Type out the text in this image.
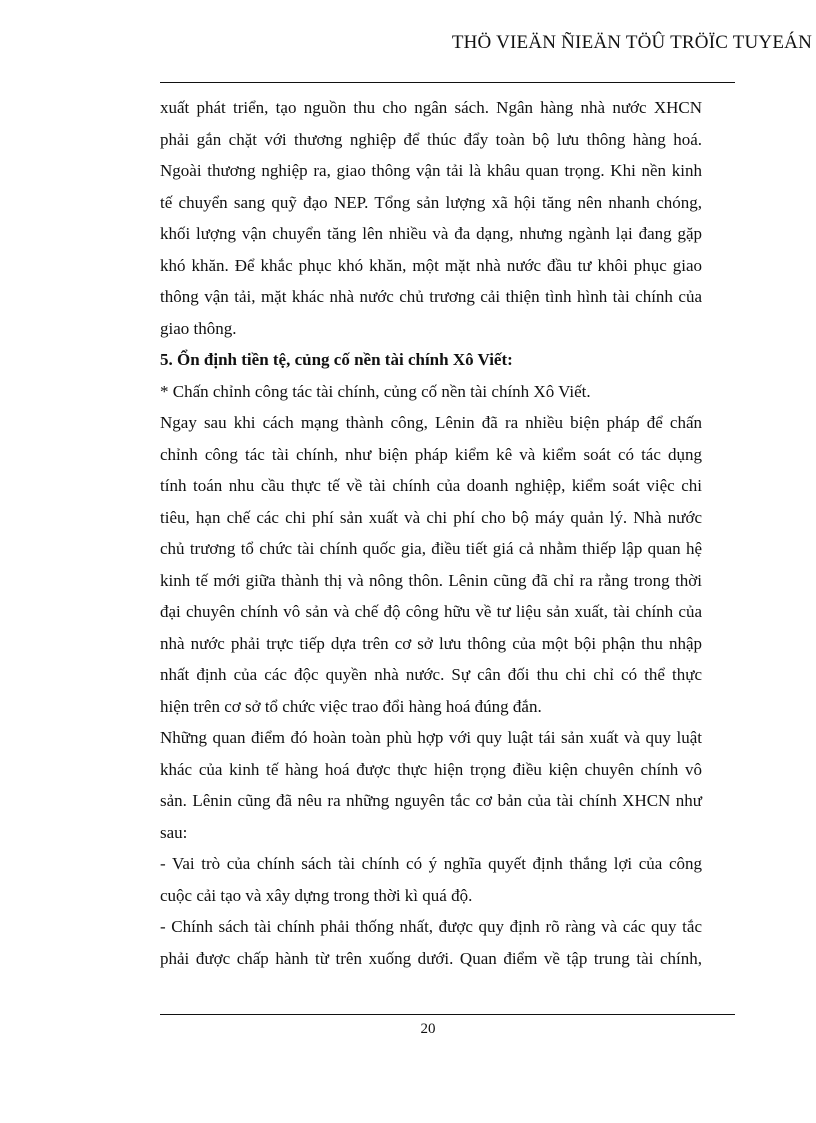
THÖ VIEÄN ÑIEÄN TÖÛ TRÖÏC TUYEÁN
xuất phát triển, tạo nguồn thu cho ngân sách. Ngân hàng nhà nước XHCN
phải gắn chặt với thương nghiệp để thúc đẩy toàn bộ lưu thông hàng hoá.
Ngoài thương nghiệp ra, giao thông vận tải là khâu quan trọng. Khi nền kinh
tế chuyển sang quỹ đạo NEP. Tổng sản lượng xã hội tăng nên nhanh chóng,
khối lượng vận chuyển tăng lên nhiều và đa dạng, nhưng ngành lại đang gặp
khó khăn. Để khắc phục khó khăn, một mặt nhà nước đầu tư khôi phục giao
thông vận tải, mặt khác nhà nước chủ trương cải thiện tình hình tài chính của
giao thông.
5. Ổn định tiền tệ, củng cố nền tài chính Xô Viết:
* Chấn chỉnh công tác tài chính, củng cố nền tài chính Xô Viết.
Ngay sau khi cách mạng thành công, Lênin đã ra nhiều biện pháp để chấn
chỉnh công tác tài chính, như biện pháp kiểm kê và kiểm soát có tác dụng
tính toán nhu cầu thực tế về tài chính của doanh nghiệp, kiểm soát việc chi
tiêu, hạn chế các chi phí sản xuất và chi phí cho bộ máy quản lý. Nhà nước
chủ trương tổ chức tài chính quốc gia, điều tiết giá cả nhằm thiếp lập quan hệ
kinh tế mới giữa thành thị và nông thôn. Lênin cũng đã chỉ ra rằng trong thời
đại chuyên chính vô sản và chế độ công hữu về tư liệu sản xuất, tài chính của
nhà nước phải trực tiếp dựa trên cơ sở lưu thông của một bội phận thu nhập
nhất định của các độc quyền nhà nước. Sự cân đối thu chi chỉ có thể thực
hiện trên cơ sở tổ chức việc trao đổi hàng hoá đúng đắn.
Những quan điểm đó hoàn toàn phù hợp với quy luật tái sản xuất và quy luật
khác của kinh tế hàng hoá được thực hiện trọng điều kiện chuyên chính vô
sản. Lênin cũng đã nêu ra những nguyên tắc cơ bản của tài chính XHCN như
sau:
- Vai trò của chính sách tài chính có ý nghĩa quyết định thắng lợi của công
cuộc cải tạo và xây dựng trong thời kì quá độ.
- Chính sách tài chính phải thống nhất, được quy định rõ ràng và các quy tắc
phải được chấp hành từ trên xuống dưới. Quan điểm về tập trung tài chính,
20
